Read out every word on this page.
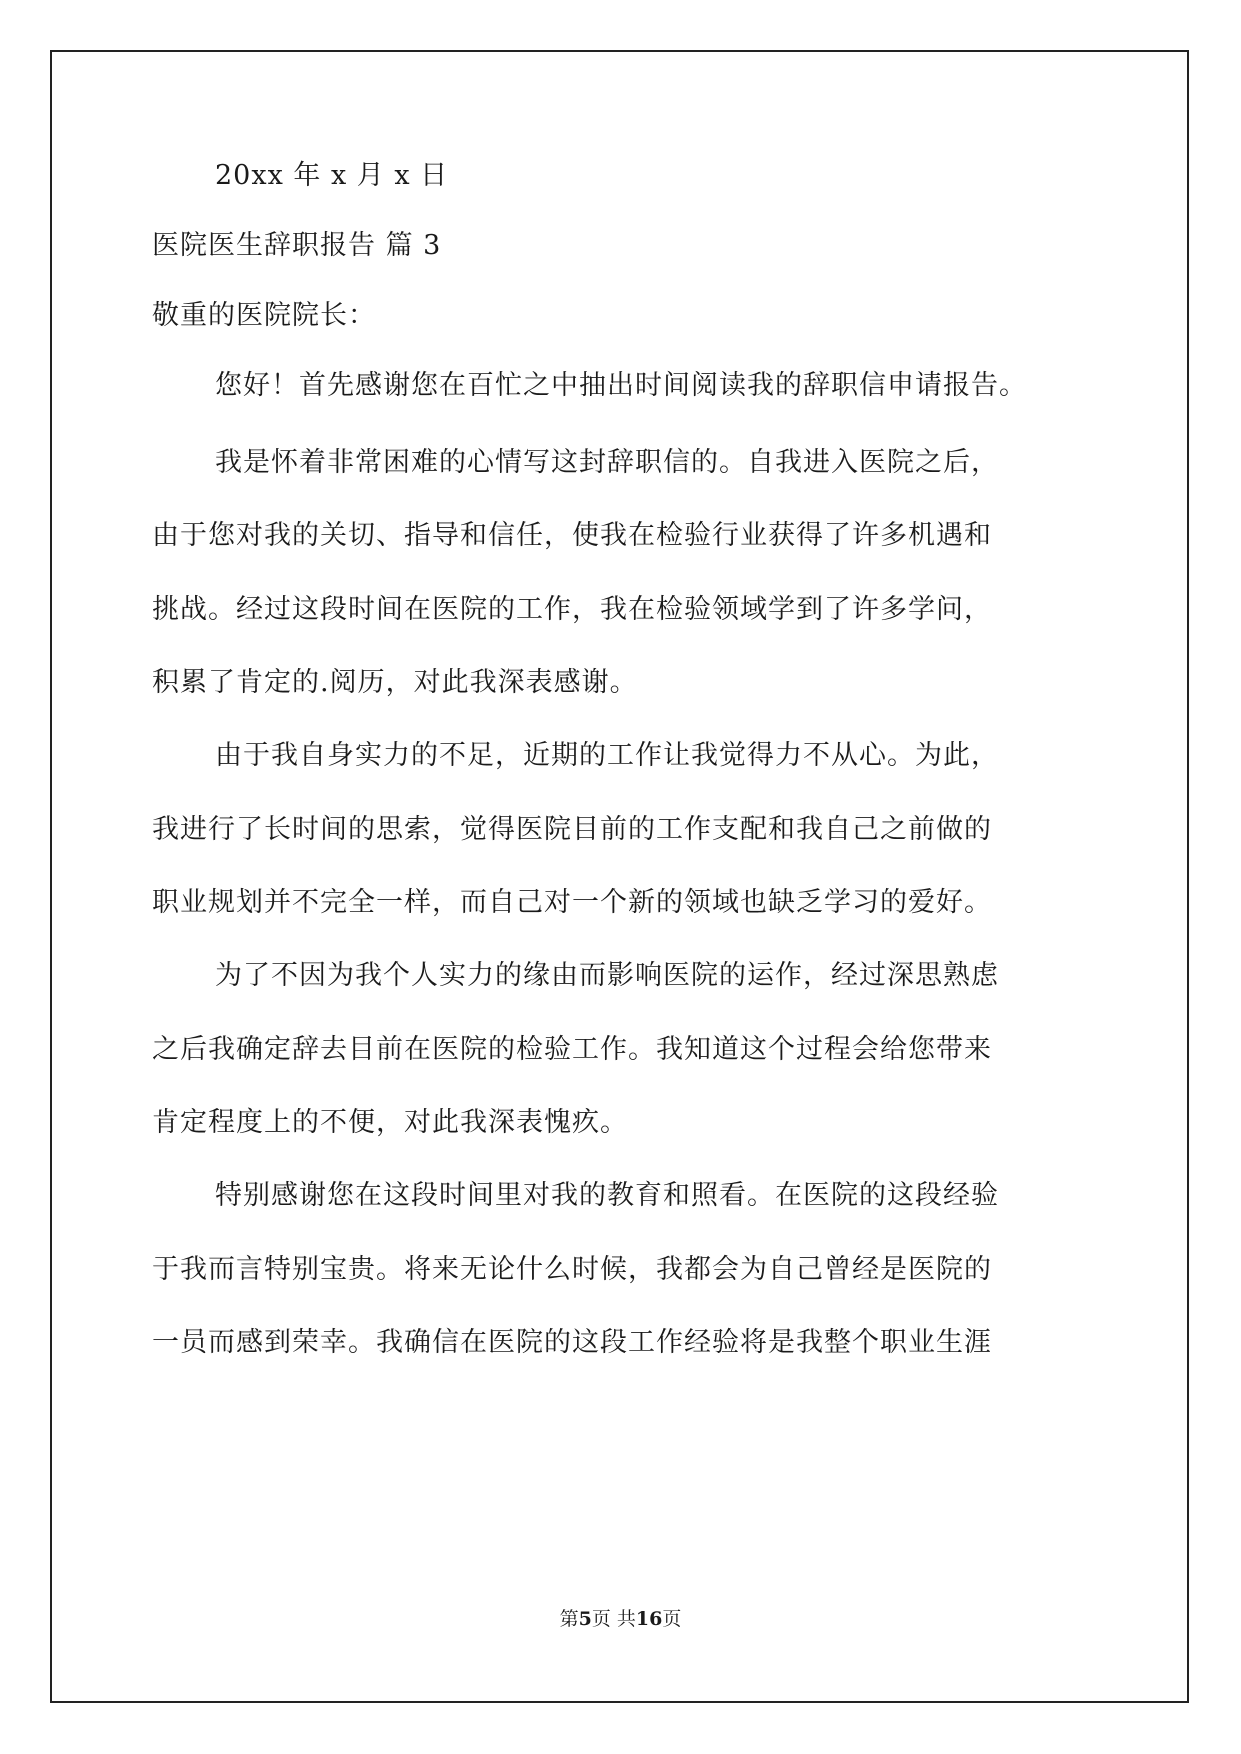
20xx 年 x 月 x 日
医院医生辞职报告 篇 3
敬重的医院院长：
您好！首先感谢您在百忙之中抽出时间阅读我的辞职信申请报告。
我是怀着非常困难的心情写这封辞职信的。自我进入医院之后，
由于您对我的关切、指导和信任，使我在检验行业获得了许多机遇和
挑战。经过这段时间在医院的工作，我在检验领域学到了许多学问，
积累了肯定的.阅历，对此我深表感谢。
由于我自身实力的不足，近期的工作让我觉得力不从心。为此，
我进行了长时间的思索，觉得医院目前的工作支配和我自己之前做的
职业规划并不完全一样，而自己对一个新的领域也缺乏学习的爱好。
为了不因为我个人实力的缘由而影响医院的运作，经过深思熟虑
之后我确定辞去目前在医院的检验工作。我知道这个过程会给您带来
肯定程度上的不便，对此我深表愧疚。
特别感谢您在这段时间里对我的教育和照看。在医院的这段经验
于我而言特别宝贵。将来无论什么时候，我都会为自己曾经是医院的
一员而感到荣幸。我确信在医院的这段工作经验将是我整个职业生涯
第5页 共16页
